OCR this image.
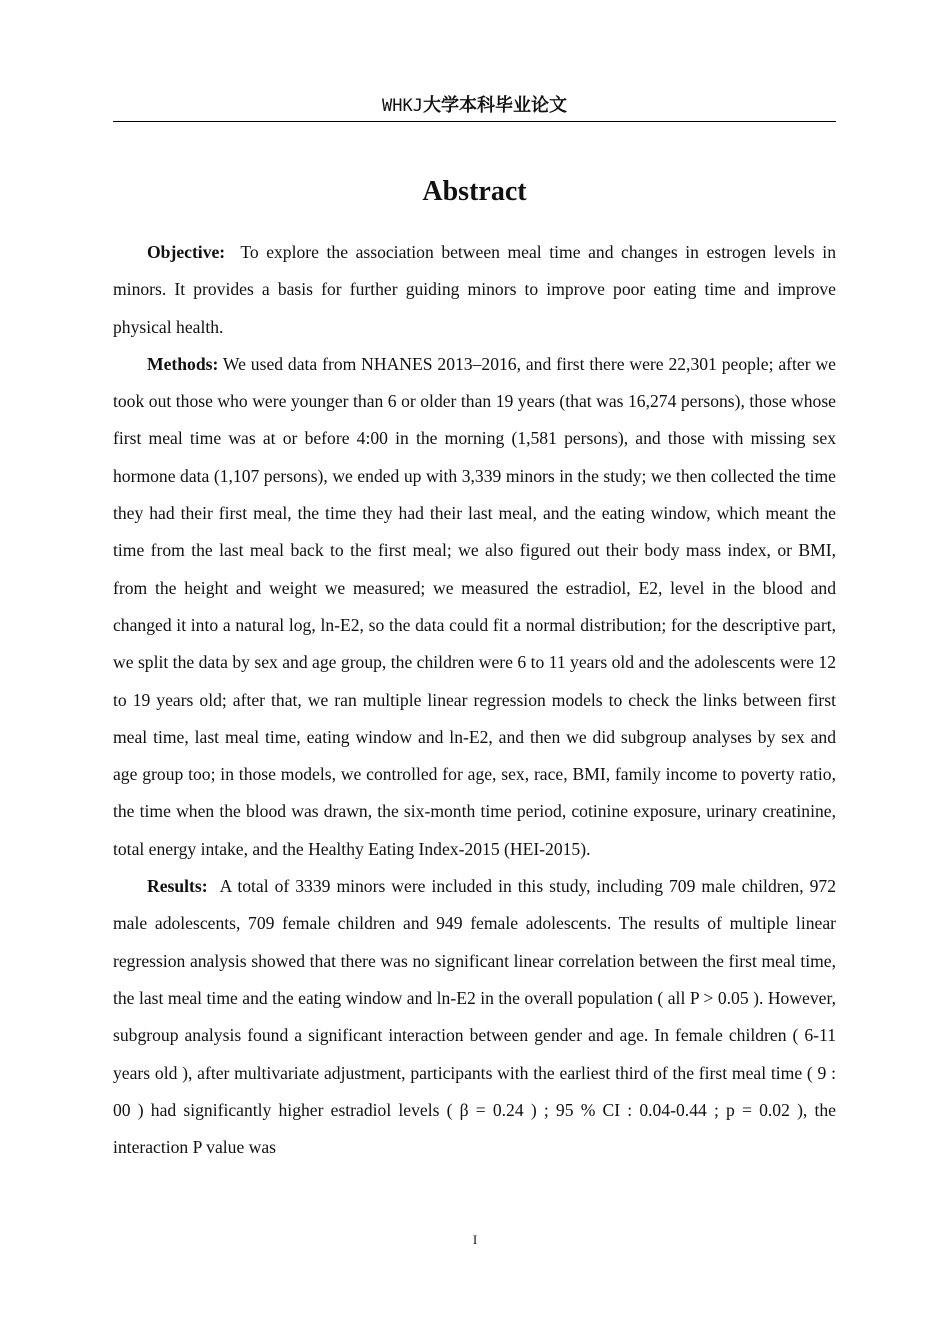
WHKJ大学本科毕业论文
Abstract

Objective: To explore the association between meal time and changes in estrogen levels in minors. It provides a basis for further guiding minors to improve poor eating time and improve physical health.

Methods: We used data from NHANES 2013–2016, and first there were 22,301 people; after we took out those who were younger than 6 or older than 19 years (that was 16,274 persons), those whose first meal time was at or before 4:00 in the morning (1,581 persons), and those with missing sex hormone data (1,107 persons), we ended up with 3,339 minors in the study; we then collected the time they had their first meal, the time they had their last meal, and the eating window, which meant the time from the last meal back to the first meal; we also figured out their body mass index, or BMI, from the height and weight we measured; we measured the estradiol, E2, level in the blood and changed it into a natural log, ln-E2, so the data could fit a normal distribution; for the descriptive part, we split the data by sex and age group, the children were 6 to 11 years old and the adolescents were 12 to 19 years old; after that, we ran multiple linear regression models to check the links between first meal time, last meal time, eating window and ln-E2, and then we did subgroup analyses by sex and age group too; in those models, we controlled for age, sex, race, BMI, family income to poverty ratio, the time when the blood was drawn, the six-month time period, cotinine exposure, urinary creatinine, total energy intake, and the Healthy Eating Index-2015 (HEI-2015).

Results: A total of 3339 minors were included in this study, including 709 male children, 972 male adolescents, 709 female children and 949 female adolescents. The results of multiple linear regression analysis showed that there was no significant linear correlation between the first meal time, the last meal time and the eating window and ln-E2 in the overall population ( all P > 0.05 ). However, subgroup analysis found a significant interaction between gender and age. In female children ( 6-11 years old ), after multivariate adjustment, participants with the earliest third of the first meal time ( 9 : 00 ) had significantly higher estradiol levels ( β = 0.24 ) ; 95 % CI : 0.04-0.44 ; p = 0.02 ), the interaction P value was

I
